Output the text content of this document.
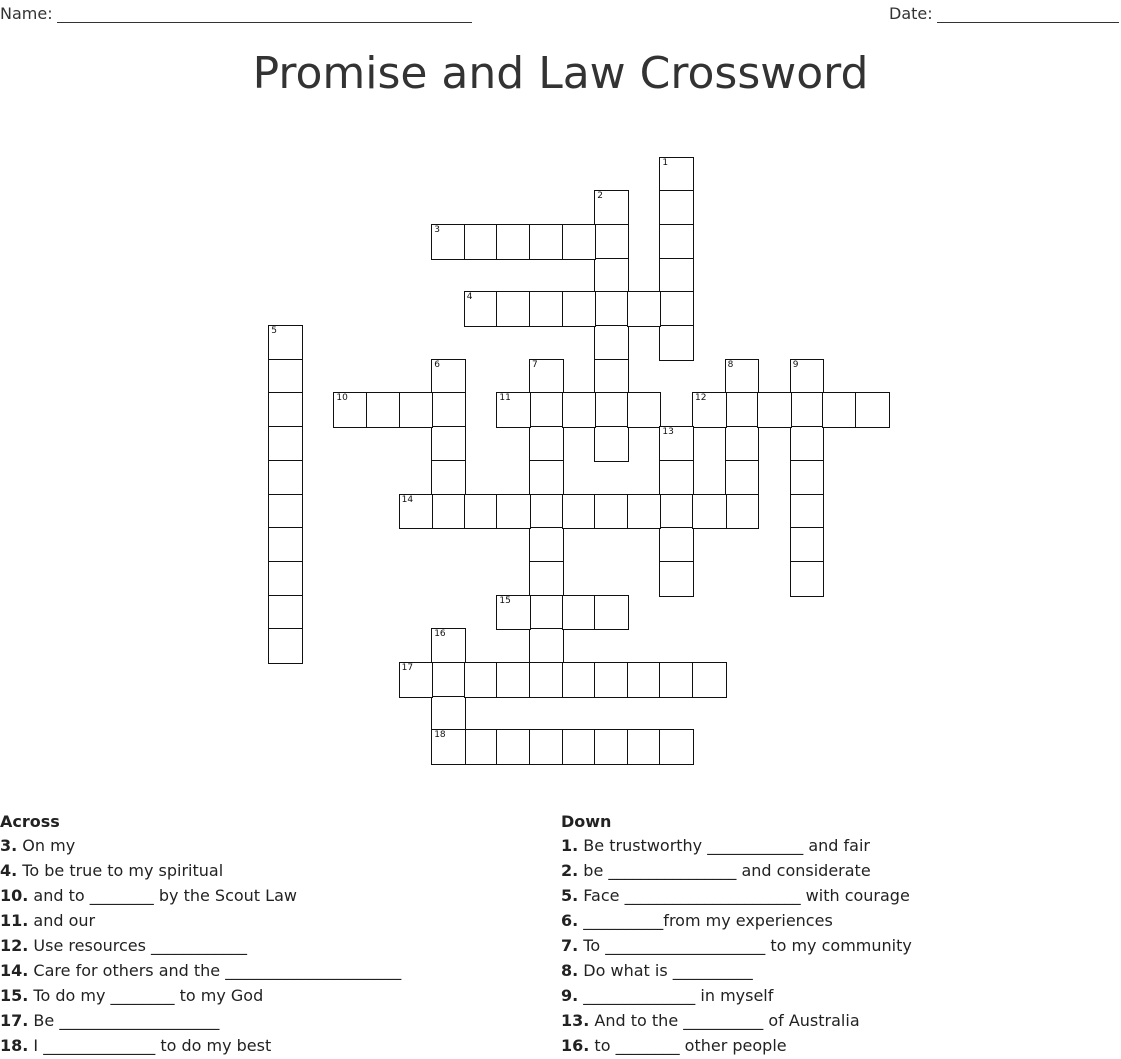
Name:	Date:
Promise and Law Crossword
1
2
3
4
5
6	7	8	9
10	11	12
13
14
15
16
17
18
Across
3. On my
4. To be true to my spiritual
10. and to ________ by the Scout Law
11. and our
12. Use resources ____________
14. Care for others and the ______________________
15. To do my ________ to my God
17. Be ____________________
18. I ______________ to do my best
Down
1. Be trustworthy ____________ and fair
2. be ________________ and considerate
5. Face ______________________ with courage
6. __________from my experiences
7. To ____________________ to my community
8. Do what is __________
9. ______________ in myself
13. And to the __________ of Australia
16. to ________ other people
